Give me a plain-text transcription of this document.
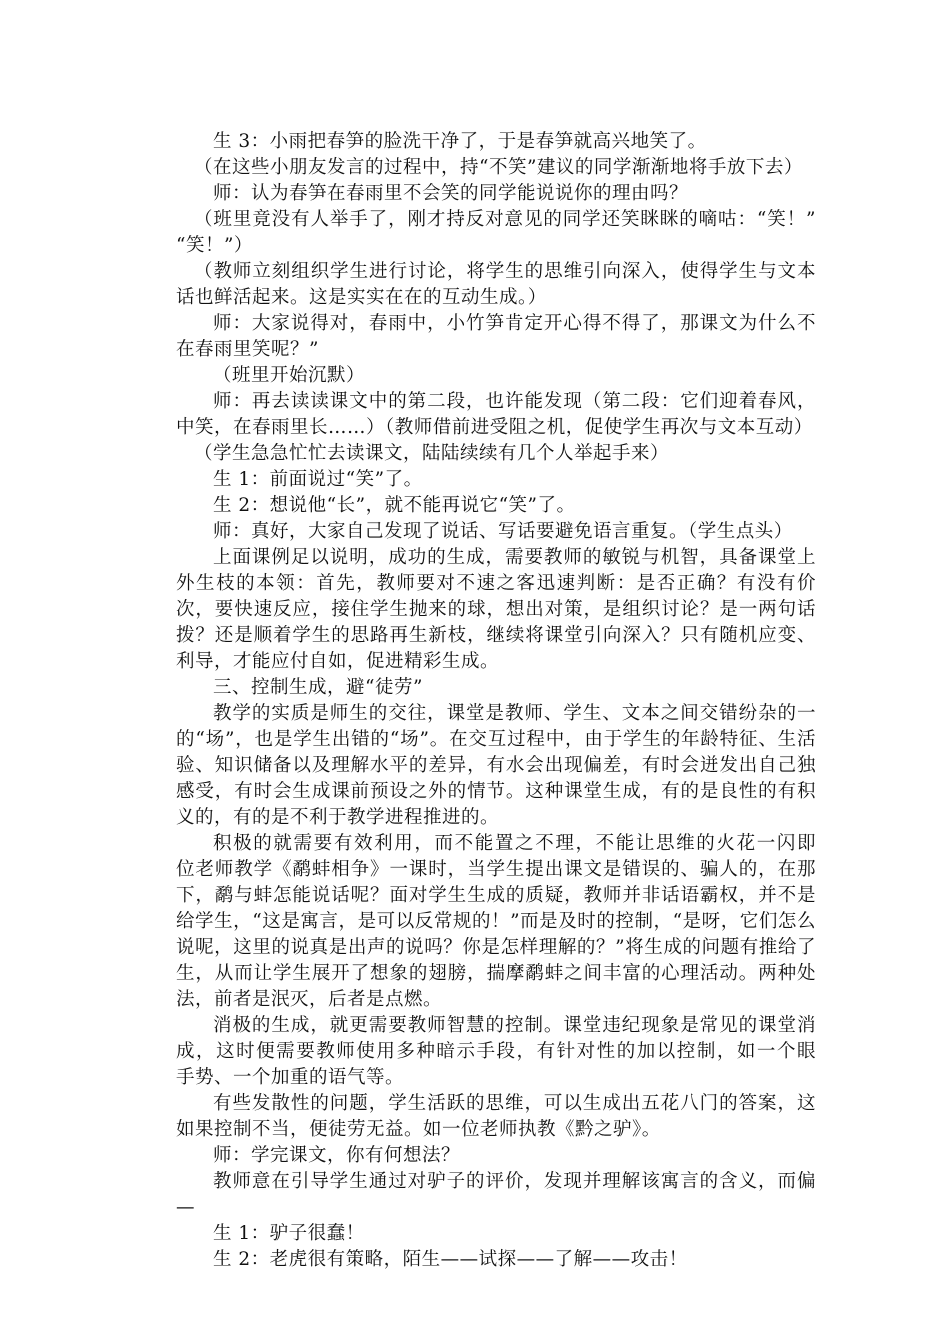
生 3：小雨把春笋的脸洗干净了，于是春笋就高兴地笑了。
（在这些小朋友发言的过程中，持“不笑”建议的同学渐渐地将手放下去）
师：认为春笋在春雨里不会笑的同学能说说你的理由吗？
（班里竟没有人举手了，刚才持反对意见的同学还笑眯眯的嘀咕：“笑！”
“笑！”）
（教师立刻组织学生进行讨论，将学生的思维引向深入，使得学生与文本
话也鲜活起来。这是实实在在的互动生成。）
师：大家说得对，春雨中，小竹笋肯定开心得不得了，那课文为什么不
在春雨里笑呢？”
（班里开始沉默）
师：再去读读课文中的第二段，也许能发现（第二段：它们迎着春风，
中笑，在春雨里长……）（教师借前进受阻之机，促使学生再次与文本互动）
（学生急急忙忙去读课文，陆陆续续有几个人举起手来）
生 1：前面说过“笑”了。
生 2：想说他“长”，就不能再说它“笑”了。
师：真好，大家自己发现了说话、写话要避免语言重复。（学生点头）
上面课例足以说明，成功的生成，需要教师的敏锐与机智，具备课堂上
外生枝的本领：首先，教师要对不速之客迅速判断：是否正确？有没有价
次，要快速反应，接住学生抛来的球，想出对策，是组织讨论？是一两句话
拨？还是顺着学生的思路再生新枝，继续将课堂引向深入？只有随机应变、
利导，才能应付自如，促进精彩生成。
三、控制生成，避“徒劳”
教学的实质是师生的交往，课堂是教师、学生、文本之间交错纷杂的一
的“场”，也是学生出错的“场”。在交互过程中，由于学生的年龄特征、生活
验、知识储备以及理解水平的差异，有水会出现偏差，有时会迸发出自己独
感受，有时会生成课前预设之外的情节。这种课堂生成，有的是良性的有积
义的，有的是不利于教学进程推进的。
积极的就需要有效利用，而不能置之不理，不能让思维的火花一闪即
位老师教学《鹬蚌相争》一课时，当学生提出课文是错误的、骗人的，在那
下，鹬与蚌怎能说话呢？面对学生生成的质疑，教师并非话语霸权，并不是
给学生，“这是寓言，是可以反常规的！”而是及时的控制，“是呀，它们怎么
说呢，这里的说真是出声的说吗？你是怎样理解的？”将生成的问题有推给了
生，从而让学生展开了想象的翅膀，揣摩鹬蚌之间丰富的心理活动。两种处
法，前者是泯灭，后者是点燃。
消极的生成，就更需要教师智慧的控制。课堂违纪现象是常见的课堂消
成，这时便需要教师使用多种暗示手段，有针对性的加以控制，如一个眼
手势、一个加重的语气等。
有些发散性的问题，学生活跃的思维，可以生成出五花八门的答案，这
如果控制不当，便徒劳无益。如一位老师执教《黔之驴》。
师：学完课文，你有何想法？
教师意在引导学生通过对驴子的评价，发现并理解该寓言的含义，而偏
—
生 1：驴子很蠢！
生 2：老虎很有策略，陌生——试探——了解——攻击！
